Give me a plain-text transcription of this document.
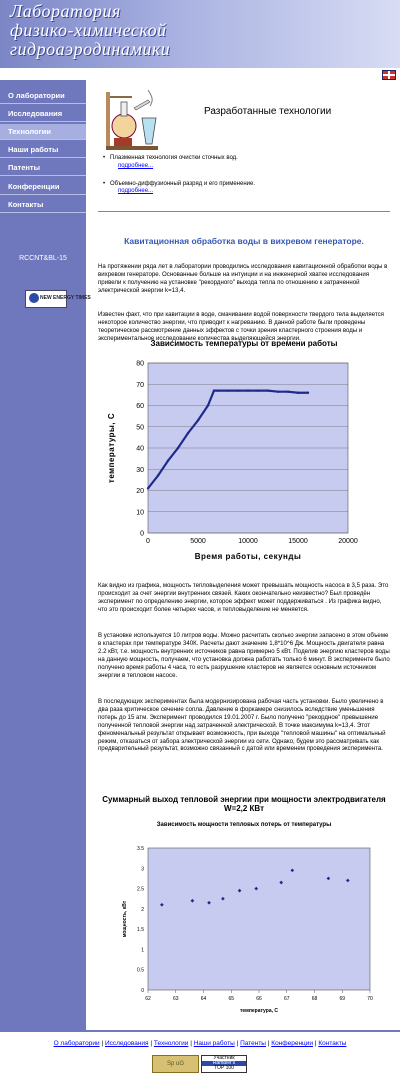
Лаборатория
физико-химической
гидроаэродинамики
О лаборатории
Исследования
Технологии
Наши работы
Патенты
Конференции
Контакты
RCCNT&BL-15
NEW ENERGY TIMES
Разработанные технологии
• Плазменная технология очистки сточных вод.
подробнее...
• Объемно-диффузионный разряд и его применение.
подробнее...
Кавитационная обработка воды в вихревом генераторе.
На протяжении ряда лет в лаборатории проводились исследования кавитационной обработки воды в вихревом генераторе. Основанные больше на интуиции и на инженерной хватке исследования привели к получению на установке "рекордного" выхода тепла по отношению к затраченной электрической энергии k=13,4.
Известен факт, что при кавитации в воде, смачивании водой поверхности твердого тела выделяется некоторое количество энергии, что приводит к нагреванию. В данной работе были проведены теоретическое рассмотрение данных эффектов с точки зрения кластерного строения воды и экспериментальное исследование количества выделяющейся энергии.
Зависимость температуры от времени работы
0
10
20
30
40
50
60
70
80
0	5000	10000	15000	20000
Время работы, секунды
температуры, С
Как видно из графика, мощность тепловыделения может превышать мощность насоса в 3,5 раза. Это происходит за счет энергии внутренних связей. Каких окончательно неизвестно? Был проведён эксперимент по определению энергии, которое эффект может поддерживаться . Из графика видно, что это происходит более четырех часов, и тепловыделение не меняется.
В установке используется 10 литров воды. Можно расчитать сколько энергии запасено в этом объеме в кластерах при температуре 340К. Расчеты дают значение 1,8*10^6 Дж. Мощность двигателя равна 2.2 кВт, т.е. мощность внутренних источников равна примерно 5 кВт. Поделив энергию кластеров воды на данную мощность, получаем, что установка должна работать только 6 минут. В эксперименте было получено время работы 4 часа, то есть разрушение кластеров не является основным источником энергии в тепловом насосе.
В последующих экспериментах была модернизирована рабочая часть установки. Было увеличено в два раза критическое сечение сопла. Давление в форкамере снизилось вследствие уменьшения потерь до 15 атм. Эксперимент проводился 19.01.2007 г. Было получено "рекордное" превышение полученной тепловой энергии над затраченной электрической. В точке максимума k=13,4. Этот феноменальный результат открывает возможность, при выходе "тепловой машины" на оптимальный режим, отказаться от забора электрической энергии из сети. Однако, будем это рассматривать как предварительный результат, возможно связанный с датой или временем проведения эксперимента.
Суммарный выход тепловой энергии при мощности электродвигателя W=2,2 КВт
Зависимость мощности тепловых потерь от температуры
0
0.5
1
1.5
2
2.5
3
3.5
62	63	64	65	66	67	68	69	70
температура, С
мощность, кВт
О лаборатории | Исследования | Технологии | Наши работы | Патенты | Конференции | Контакты
Sp uG
Участник
Rambler's
TOP 100
